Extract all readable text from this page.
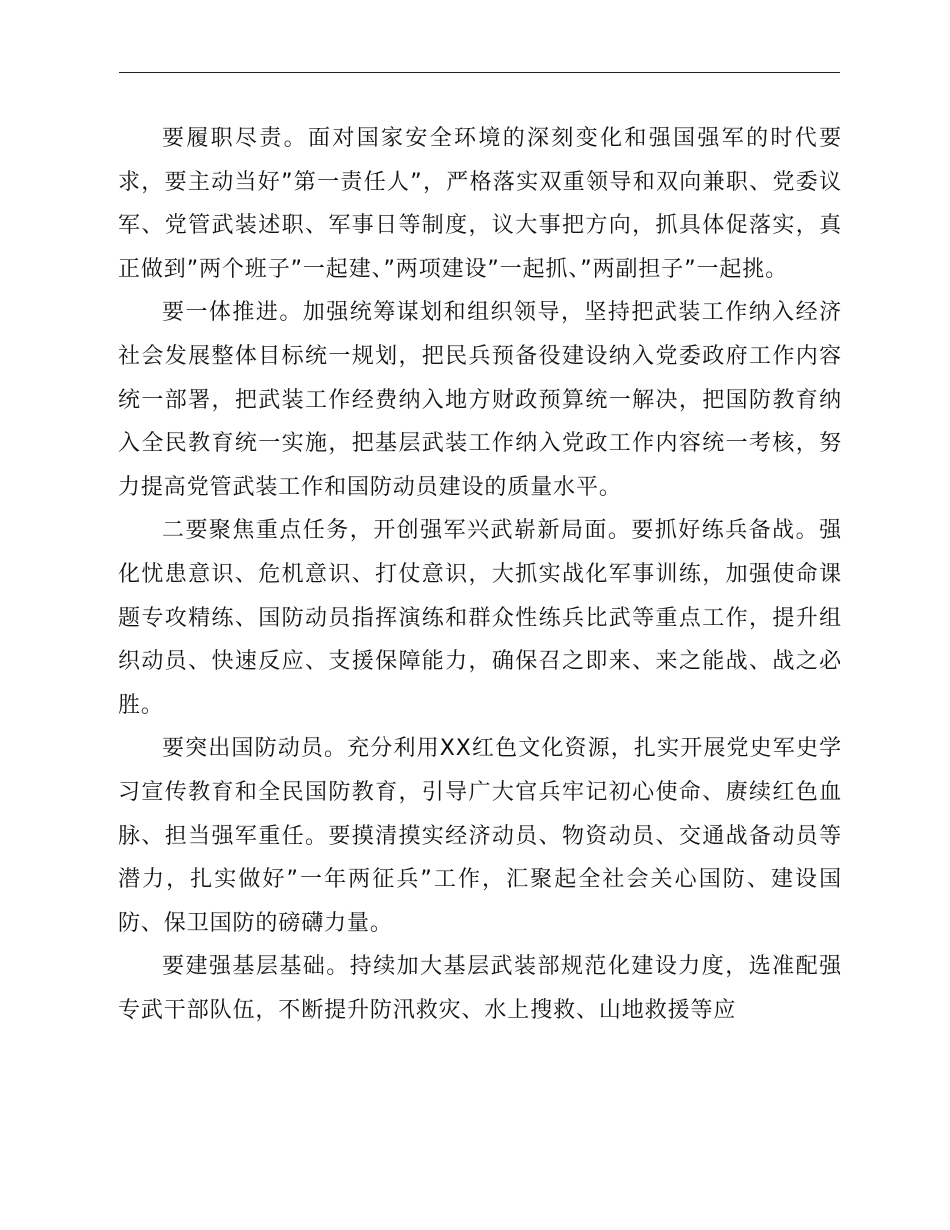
要履职尽责。面对国家安全环境的深刻变化和强国强军的时代要求，要主动当好”第一责任人”，严格落实双重领导和双向兼职、党委议军、党管武装述职、军事日等制度，议大事把方向，抓具体促落实，真正做到”两个班子”一起建、”两项建设”一起抓、”两副担子”一起挑。

要一体推进。加强统筹谋划和组织领导，坚持把武装工作纳入经济社会发展整体目标统一规划，把民兵预备役建设纳入党委政府工作内容统一部署，把武装工作经费纳入地方财政预算统一解决，把国防教育纳入全民教育统一实施，把基层武装工作纳入党政工作内容统一考核，努力提高党管武装工作和国防动员建设的质量水平。

二要聚焦重点任务，开创强军兴武崭新局面。要抓好练兵备战。强化忧患意识、危机意识、打仗意识，大抓实战化军事训练，加强使命课题专攻精练、国防动员指挥演练和群众性练兵比武等重点工作，提升组织动员、快速反应、支援保障能力，确保召之即来、来之能战、战之必胜。

要突出国防动员。充分利用XX红色文化资源，扎实开展党史军史学习宣传教育和全民国防教育，引导广大官兵牢记初心使命、赓续红色血脉、担当强军重任。要摸清摸实经济动员、物资动员、交通战备动员等潜力，扎实做好”一年两征兵”工作，汇聚起全社会关心国防、建设国防、保卫国防的磅礴力量。

要建强基层基础。持续加大基层武装部规范化建设力度，选准配强专武干部队伍，不断提升防汛救灾、水上搜救、山地救援等应
